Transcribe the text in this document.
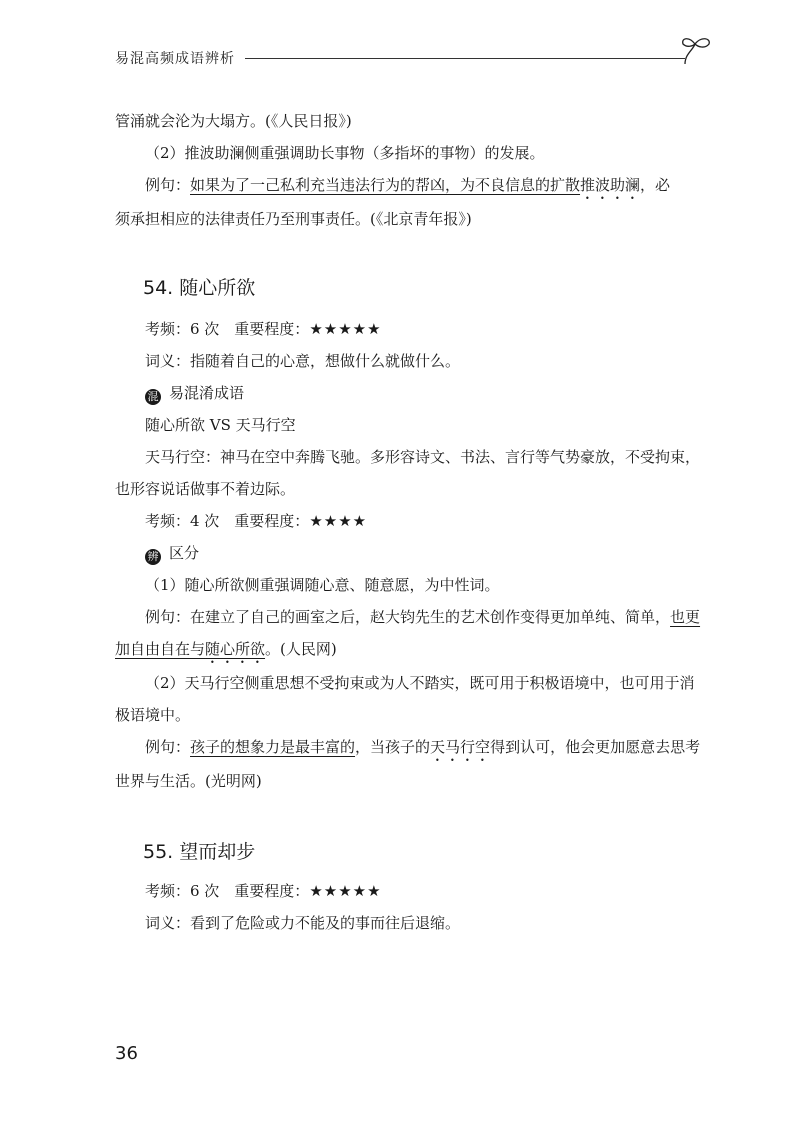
易混高频成语辨析

管涌就会沦为大塌方。(《人民日报》)

（2）推波助澜侧重强调助长事物（多指坏的事物）的发展。

例句：如果为了一己私利充当违法行为的帮凶，为不良信息的扩散推波助澜，必

须承担相应的法律责任乃至刑事责任。(《北京青年报》)

54. 随心所欲

考频：6 次　重要程度：★★★★★

词义：指随着自己的心意，想做什么就做什么。

混 易混淆成语

随心所欲 VS 天马行空

天马行空：神马在空中奔腾飞驰。多形容诗文、书法、言行等气势豪放，不受拘束，也形容说话做事不着边际。

考频：4 次　重要程度：★★★★

辨 区分

（1）随心所欲侧重强调随心意、随意愿，为中性词。

例句：在建立了自己的画室之后，赵大钧先生的艺术创作变得更加单纯、简单，也更加自由自在与随心所欲。(人民网)

（2）天马行空侧重思想不受拘束或为人不踏实，既可用于积极语境中，也可用于消极语境中。

例句：孩子的想象力是最丰富的，当孩子的天马行空得到认可，他会更加愿意去思考世界与生活。(光明网)

55. 望而却步

考频：6 次　重要程度：★★★★★

词义：看到了危险或力不能及的事而往后退缩。

36
